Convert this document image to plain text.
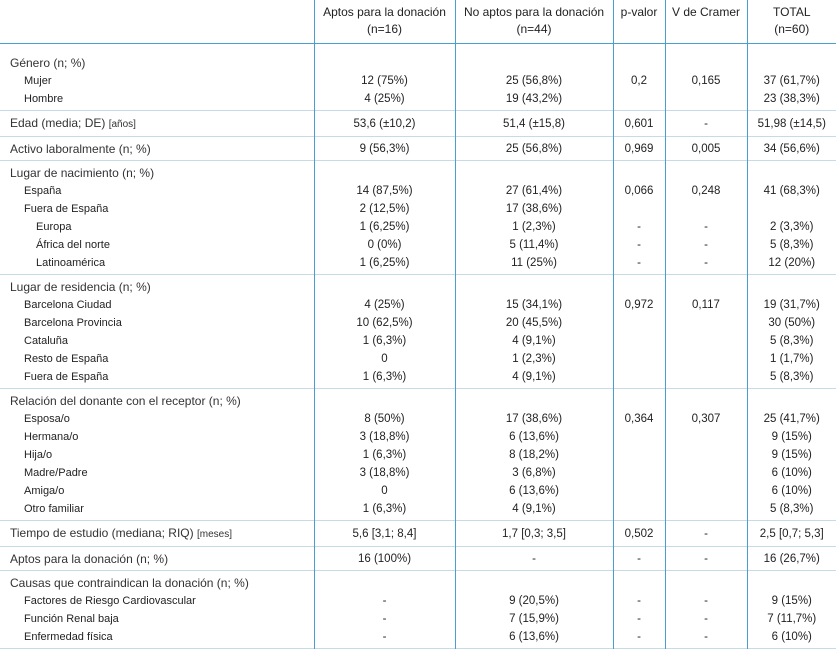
	Aptos para la donación
(n=16)	No aptos para la donación
(n=44)	p-valor	V de Cramer	TOTAL
(n=60)

Género (n; %)					
Mujer	12 (75%)	25 (56,8%)	0,2	0,165	37 (61,7%)
Hombre	4 (25%)	19 (43,2%)			23 (38,3%)
Edad (media; DE) [años]	53,6 (±10,2)	51,4 (±15,8)	0,601	-	51,98 (±14,5)
Activo laboralmente (n; %)	9 (56,3%)	25 (56,8%)	0,969	0,005	34 (56,6%)
Lugar de nacimiento (n; %)					
España	14 (87,5%)	27 (61,4%)	0,066	0,248	41 (68,3%)
Fuera de España	2 (12,5%)	17 (38,6%)			
Europa	1 (6,25%)	1 (2,3%)	-	-	2 (3,3%)
África del norte	0 (0%)	5 (11,4%)	-	-	5 (8,3%)
Latinoamérica	1 (6,25%)	11 (25%)	-	-	12 (20%)
Lugar de residencia (n; %)					
Barcelona Ciudad	4 (25%)	15 (34,1%)	0,972	0,117	19 (31,7%)
Barcelona Provincia	10 (62,5%)	20 (45,5%)			30 (50%)
Cataluña	1 (6,3%)	4 (9,1%)			5 (8,3%)
Resto de España	0	1 (2,3%)			1 (1,7%)
Fuera de España	1 (6,3%)	4 (9,1%)			5 (8,3%)
Relación del donante con el receptor (n; %)					
Esposa/o	8 (50%)	17 (38,6%)	0,364	0,307	25 (41,7%)
Hermana/o	3 (18,8%)	6 (13,6%)			9 (15%)
Hija/o	1 (6,3%)	8 (18,2%)			9 (15%)
Madre/Padre	3 (18,8%)	3 (6,8%)			6 (10%)
Amiga/o	0	6 (13,6%)			6 (10%)
Otro familiar	1 (6,3%)	4 (9,1%)			5 (8,3%)
Tiempo de estudio (mediana; RIQ) [meses]	5,6 [3,1; 8,4]	1,7 [0,3; 3,5]	0,502	-	2,5 [0,7; 5,3]
Aptos para la donación (n; %)	16 (100%)	-	-	-	16 (26,7%)
Causas que contraindican la donación (n; %)					
Factores de Riesgo Cardiovascular	-	9 (20,5%)	-	-	9 (15%)
Función Renal baja	-	7 (15,9%)	-	-	7 (11,7%)
Enfermedad física	-	6 (13,6%)	-	-	6 (10%)
